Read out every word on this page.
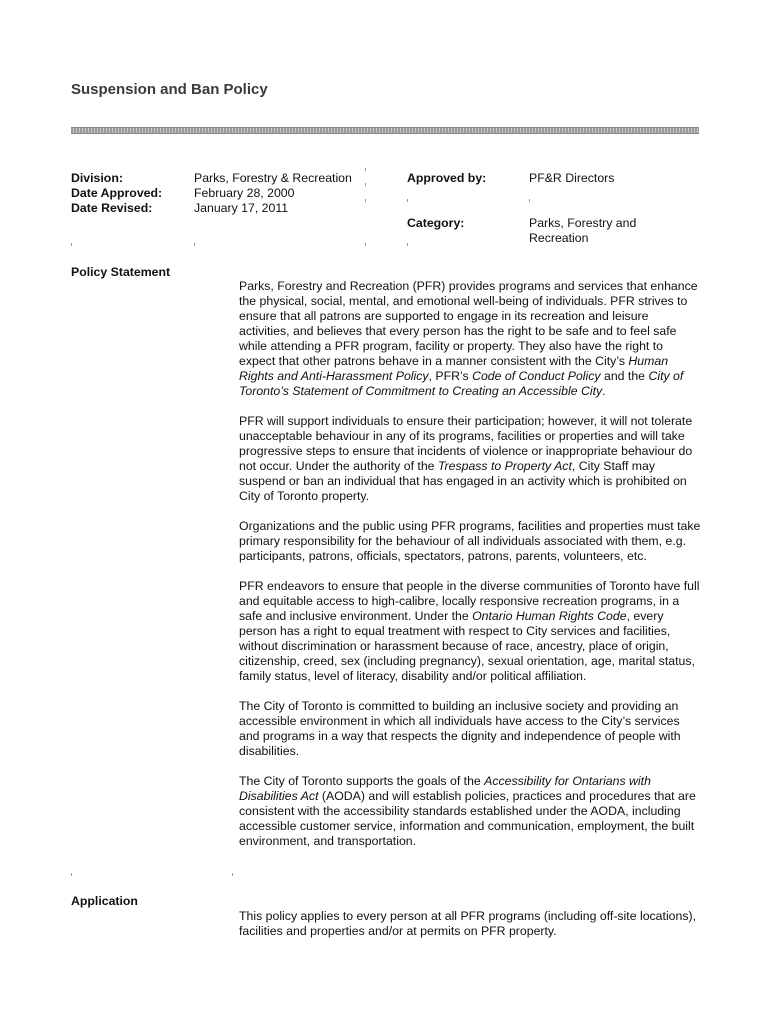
Suspension and Ban Policy
Division:	Parks, Forestry & Recreation
Date Approved:	February 28, 2000
Date Revised:	January 17, 2011
Approved by:	PF&R Directors
Category:	Parks, Forestry and
Recreation
Policy Statement

Parks, Forestry and Recreation (PFR) provides programs and services that enhance the physical, social, mental, and emotional well-being of individuals. PFR strives to ensure that all patrons are supported to engage in its recreation and leisure activities, and believes that every person has the right to be safe and to feel safe while attending a PFR program, facility or property. They also have the right to expect that other patrons behave in a manner consistent with the City’s Human Rights and Anti-Harassment Policy, PFR’s Code of Conduct Policy and the City of Toronto’s Statement of Commitment to Creating an Accessible City.

PFR will support individuals to ensure their participation; however, it will not tolerate unacceptable behaviour in any of its programs, facilities or properties and will take progressive steps to ensure that incidents of violence or inappropriate behaviour do not occur. Under the authority of the Trespass to Property Act, City Staff may suspend or ban an individual that has engaged in an activity which is prohibited on City of Toronto property.

Organizations and the public using PFR programs, facilities and properties must take primary responsibility for the behaviour of all individuals associated with them, e.g. participants, patrons, officials, spectators, patrons, parents, volunteers, etc.

PFR endeavors to ensure that people in the diverse communities of Toronto have full and equitable access to high-calibre, locally responsive recreation programs, in a safe and inclusive environment. Under the Ontario Human Rights Code, every person has a right to equal treatment with respect to City services and facilities, without discrimination or harassment because of race, ancestry, place of origin, citizenship, creed, sex (including pregnancy), sexual orientation, age, marital status, family status, level of literacy, disability and/or political affiliation.

The City of Toronto is committed to building an inclusive society and providing an accessible environment in which all individuals have access to the City’s services and programs in a way that respects the dignity and independence of people with disabilities.

The City of Toronto supports the goals of the Accessibility for Ontarians with Disabilities Act (AODA) and will establish policies, practices and procedures that are consistent with the accessibility standards established under the AODA, including accessible customer service, information and communication, employment, the built environment, and transportation.

Application

This policy applies to every person at all PFR programs (including off-site locations), facilities and properties and/or at permits on PFR property.
